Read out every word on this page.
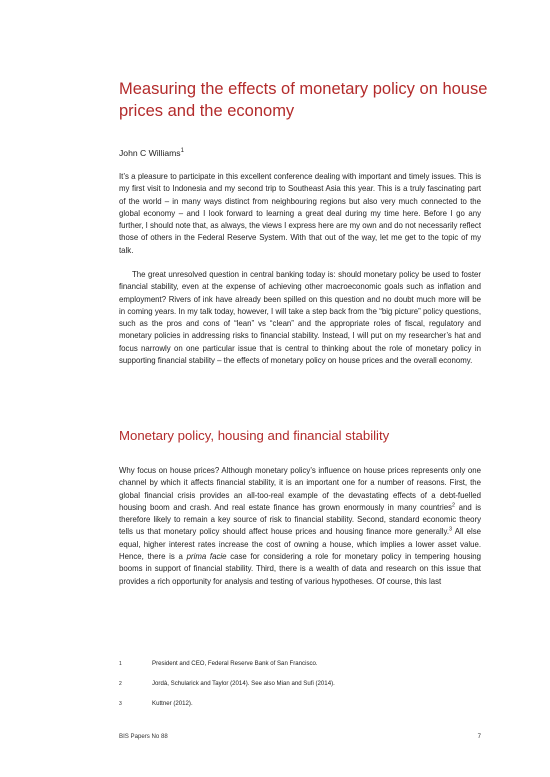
Measuring the effects of monetary policy on house prices and the economy
John C Williams$^1$

It’s a pleasure to participate in this excellent conference dealing with important and timely issues. This is my first visit to Indonesia and my second trip to Southeast Asia this year. This is a truly fascinating part of the world – in many ways distinct from neighbouring regions but also very much connected to the global economy – and I look forward to learning a great deal during my time here. Before I go any further, I should note that, as always, the views I express here are my own and do not necessarily reflect those of others in the Federal Reserve System. With that out of the way, let me get to the topic of my talk.

The great unresolved question in central banking today is: should monetary policy be used to foster financial stability, even at the expense of achieving other macroeconomic goals such as inflation and employment? Rivers of ink have already been spilled on this question and no doubt much more will be in coming years. In my talk today, however, I will take a step back from the “big picture” policy questions, such as the pros and cons of “lean” vs “clean” and the appropriate roles of fiscal, regulatory and monetary policies in addressing risks to financial stability. Instead, I will put on my researcher’s hat and focus narrowly on one particular issue that is central to thinking about the role of monetary policy in supporting financial stability – the effects of monetary policy on house prices and the overall economy.

Monetary policy, housing and financial stability

Why focus on house prices? Although monetary policy’s influence on house prices represents only one channel by which it affects financial stability, it is an important one for a number of reasons. First, the global financial crisis provides an all-too-real example of the devastating effects of a debt-fuelled housing boom and crash. And real estate finance has grown enormously in many countries$^2$ and is therefore likely to remain a key source of risk to financial stability. Second, standard economic theory tells us that monetary policy should affect house prices and housing finance more generally.$^3$ All else equal, higher interest rates increase the cost of owning a house, which implies a lower asset value. Hence, there is a prima facie case for considering a role for monetary policy in tempering housing booms in support of financial stability. Third, there is a wealth of data and research on this issue that provides a rich opportunity for analysis and testing of various hypotheses. Of course, this last

1	President and CEO, Federal Reserve Bank of San Francisco.
2	Jordà, Schularick and Taylor (2014). See also Mian and Sufi (2014).
3	Kuttner (2012).
BIS Papers No 88	7
